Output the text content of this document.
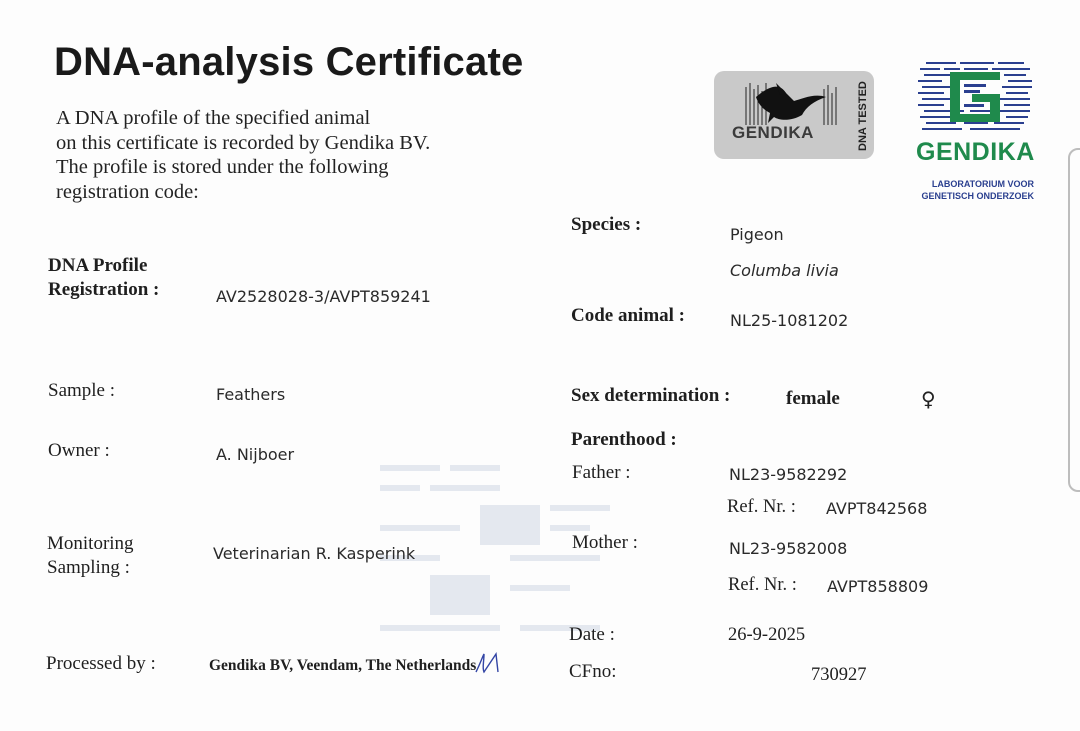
DNA-analysis Certificate
A DNA profile of the specified animal
on this certificate is recorded by Gendika BV.
The profile is stored under the following
registration code:
GENDIKA	DNA TESTED
GENDIKA
LABORATORIUM VOOR
GENETISCH ONDERZOEK
DNA Profile
Registration :	AV2528028-3/AVPT859241
Sample :	Feathers
Owner :	A. Nijboer
Monitoring
Sampling :
Veterinarian R. Kasperink
Processed by :	Gendika BV, Veendam, The Netherlands
Species :	Pigeon
Columba livia
Code animal :	NL25-1081202
Sex determination :	female	♀
Parenthood :
Father :	NL23-9582292
Ref. Nr. : AVPT842568
Mother :	NL23-9582008
Ref. Nr. : AVPT858809
Date :	26-9-2025
CFno:	730927
